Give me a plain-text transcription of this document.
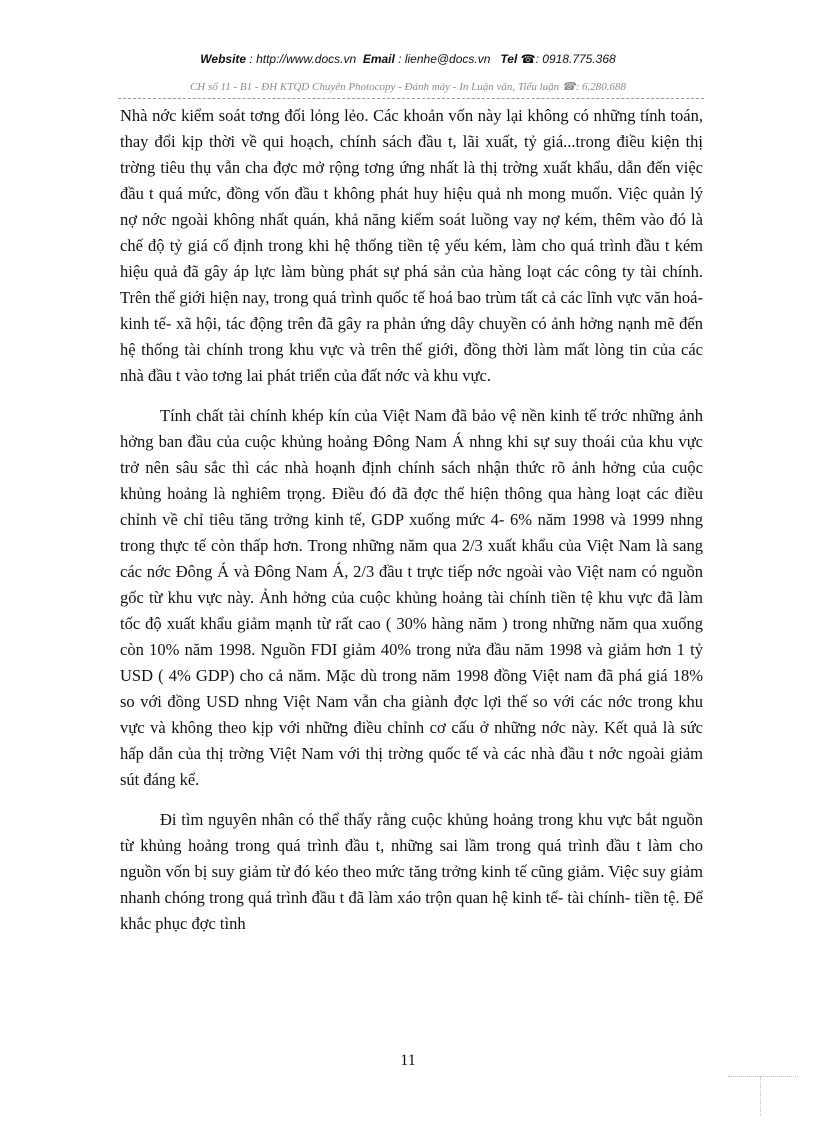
Website : http://www.docs.vn Email : lienhe@docs.vn Tel ☎: 0918.775.368
CH số 11 - B1 - ĐH KTQD Chuyên Photocopy - Đánh máy - In Luận văn, Tiểu luận ☎: 6.280.688

Nhà nớc kiểm soát tơng đối lỏng lẻo. Các khoản vốn này lại không có những tính toán, thay đổi kịp thời về qui hoạch, chính sách đầu t, lãi xuất, tỷ giá...trong điều kiện thị trờng tiêu thụ vẫn cha đợc mở rộng tơng ứng nhất là thị trờng xuất khẩu, dẫn đến việc đầu t quá mức, đồng vốn đầu t không phát huy hiệu quả nh mong muốn. Việc quản lý nợ nớc ngoài không nhất quán, khả năng kiểm soát luồng vay nợ kém, thêm vào đó là chế độ tỷ giá cố định trong khi hệ thống tiền tệ yếu kém, làm cho quá trình đầu t kém hiệu quả đã gây áp lực làm bùng phát sự phá sản của hàng loạt các công ty tài chính. Trên thế giới hiện nay, trong quá trình quốc tế hoá bao trùm tất cả các lĩnh vực văn hoá- kinh tế- xã hội, tác động trên đã gây ra phản ứng dây chuyền có ảnh hởng nạnh mẽ đến hệ thống tài chính trong khu vực và trên thế giới, đồng thời làm mất lòng tin của các nhà đầu t vào tơng lai phát triển của đất nớc và khu vực.

Tính chất tài chính khép kín của Việt Nam đã bảo vệ nền kinh tế trớc những ảnh hởng ban đầu của cuộc khủng hoảng Đông Nam Á nhng khi sự suy thoái của khu vực trở nên sâu sắc thì các nhà hoạnh định chính sách nhận thức rõ ảnh hởng của cuộc khủng hoảng là nghiêm trọng. Điều đó đã đợc thể hiện thông qua hàng loạt các điều chỉnh về chỉ tiêu tăng trởng kinh tế, GDP xuống mức 4- 6% năm 1998 và 1999 nhng trong thực tế còn thấp hơn. Trong những năm qua 2/3 xuất khẩu của Việt Nam là sang các nớc Đông Á và Đông Nam Á, 2/3 đầu t trực tiếp nớc ngoài vào Việt nam có nguồn gốc từ khu vực này. Ảnh hởng của cuộc khủng hoảng tài chính tiền tệ khu vực đã làm tốc độ xuất khẩu giảm mạnh từ rất cao ( 30% hàng năm ) trong những năm qua xuống còn 10% năm 1998. Nguồn FDI giảm 40% trong nửa đầu năm 1998 và giảm hơn 1 tỷ USD ( 4% GDP) cho cả năm. Mặc dù trong năm 1998 đồng Việt nam đã phá giá 18% so với đồng USD nhng Việt Nam vẫn cha giành đợc lợi thế so với các nớc trong khu vực và không theo kịp với những điều chỉnh cơ cấu ở những nớc này. Kết quả là sức hấp dẫn của thị trờng Việt Nam với thị trờng quốc tế và các nhà đầu t nớc ngoài giảm sút đáng kể.

Đi tìm nguyên nhân có thể thấy rằng cuộc khủng hoảng trong khu vực bắt nguồn từ khủng hoảng trong quá trình đầu t, những sai lầm trong quá trình đầu t làm cho nguồn vốn bị suy giảm từ đó kéo theo mức tăng trởng kinh tế cũng giảm. Việc suy giảm nhanh chóng trong quá trình đầu t đã làm xáo trộn quan hệ kinh tế- tài chính- tiền tệ. Để khắc phục đợc tình

11
